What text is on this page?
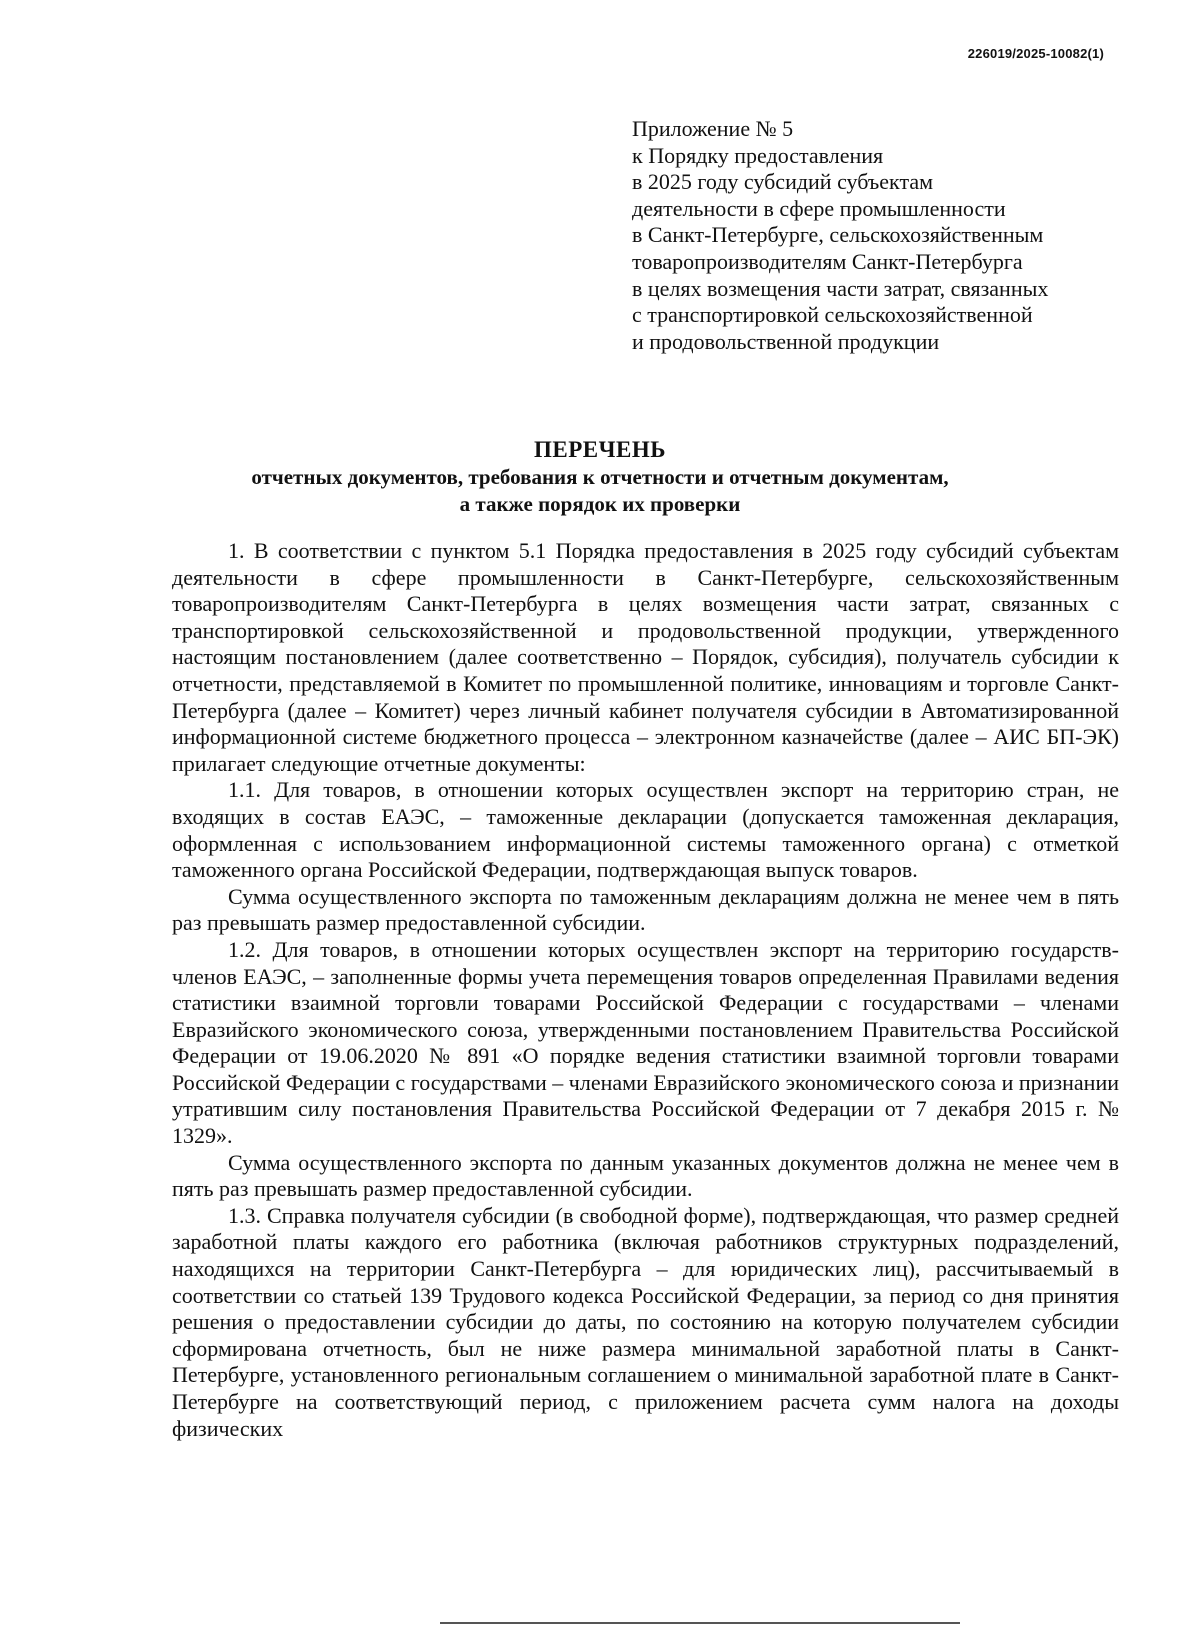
226019/2025-10082(1)
Приложение № 5
к Порядку предоставления
в 2025 году субсидий субъектам
деятельности в сфере промышленности
в Санкт-Петербурге, сельскохозяйственным
товаропроизводителям Санкт-Петербурга
в целях возмещения части затрат, связанных
с транспортировкой сельскохозяйственной
и продовольственной продукции
ПЕРЕЧЕНЬ
отчетных документов, требования к отчетности и отчетным документам,
а также порядок их проверки

1. В соответствии с пунктом 5.1 Порядка предоставления в 2025 году субсидий субъектам деятельности в сфере промышленности в Санкт-Петербурге, сельскохозяйственным товаропроизводителям Санкт-Петербурга в целях возмещения части затрат, связанных с транспортировкой сельскохозяйственной и продовольственной продукции, утвержденного настоящим постановлением (далее соответственно – Порядок, субсидия), получатель субсидии к отчетности, представляемой в Комитет по промышленной политике, инновациям и торговле Санкт-Петербурга (далее – Комитет) через личный кабинет получателя субсидии в Автоматизированной информационной системе бюджетного процесса – электронном казначействе (далее – АИС БП-ЭК) прилагает следующие отчетные документы:

1.1. Для товаров, в отношении которых осуществлен экспорт на территорию стран, не входящих в состав ЕАЭС, – таможенные декларации (допускается таможенная декларация, оформленная с использованием информационной системы таможенного органа) с отметкой таможенного органа Российской Федерации, подтверждающая выпуск товаров.

Сумма осуществленного экспорта по таможенным декларациям должна не менее чем в пять раз превышать размер предоставленной субсидии.

1.2. Для товаров, в отношении которых осуществлен экспорт на территорию государств-членов ЕАЭС, – заполненные формы учета перемещения товаров определенная Правилами ведения статистики взаимной торговли товарами Российской Федерации с государствами – членами Евразийского экономического союза, утвержденными постановлением Правительства Российской Федерации от 19.06.2020 № 891 «О порядке ведения статистики взаимной торговли товарами Российской Федерации с государствами – членами Евразийского экономического союза и признании утратившим силу постановления Правительства Российской Федерации от 7 декабря 2015 г. № 1329».

Сумма осуществленного экспорта по данным указанных документов должна не менее чем в пять раз превышать размер предоставленной субсидии.

1.3. Справка получателя субсидии (в свободной форме), подтверждающая, что размер средней заработной платы каждого его работника (включая работников структурных подразделений, находящихся на территории Санкт-Петербурга – для юридических лиц), рассчитываемый в соответствии со статьей 139 Трудового кодекса Российской Федерации, за период со дня принятия решения о предоставлении субсидии до даты, по состоянию на которую получателем субсидии сформирована отчетность, был не ниже размера минимальной заработной платы в Санкт-Петербурге, установленного региональным соглашением о минимальной заработной плате в Санкт-Петербурге на соответствующий период, с приложением расчета сумм налога на доходы физических
